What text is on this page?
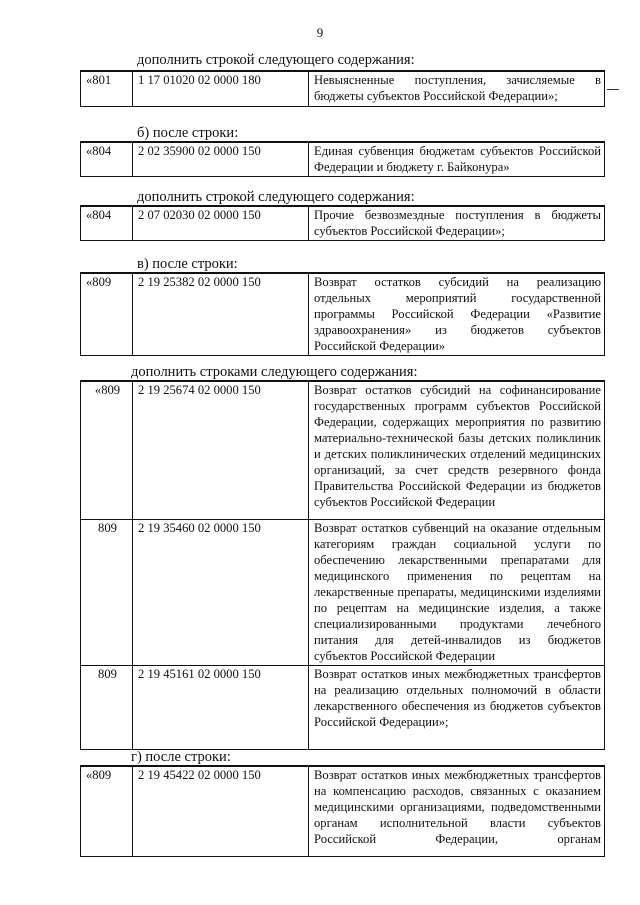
9
дополнить строкой следующего содержания:
«801	1 17 01020 02 0000 180	Невыясненные поступления, зачисляемые в бюджеты субъектов Российской Федерации»;
б) после строки:
«804	2 02 35900 02 0000 150	Единая субвенция бюджетам субъектов Российской Федерации и бюджету г. Байконура»
дополнить строкой следующего содержания:
«804	2 07 02030 02 0000 150	Прочие безвозмездные поступления в бюджеты субъектов Российской Федерации»;
в) после строки:
«809	2 19 25382 02 0000 150	Возврат остатков субсидий на реализацию отдельных мероприятий государственной программы Российской Федерации «Развитие здравоохранения» из бюджетов субъектов Российской Федерации»
дополнить строками следующего содержания:
«809	2 19 25674 02 0000 150	Возврат остатков субсидий на софинансирование государственных программ субъектов Российской Федерации, содержащих мероприятия по развитию материально-технической базы детских поликлиник и детских поликлинических отделений медицинских организаций, за счет средств резервного фонда Правительства Российской Федерации из бюджетов субъектов Российской Федерации
809	2 19 35460 02 0000 150	Возврат остатков субвенций на оказание отдельным категориям граждан социальной услуги по обеспечению лекарственными препаратами для медицинского применения по рецептам на лекарственные препараты, медицинскими изделиями по рецептам на медицинские изделия, а также специализированными продуктами лечебного питания для детей-инвалидов из бюджетов субъектов Российской Федерации
809	2 19 45161 02 0000 150	Возврат остатков иных межбюджетных трансфертов на реализацию отдельных полномочий в области лекарственного обеспечения из бюджетов субъектов Российской Федерации»;
г) после строки:
«809	2 19 45422 02 0000 150	Возврат остатков иных межбюджетных трансфертов на компенсацию расходов, связанных с оказанием медицинскими организациями, подведомственными органам исполнительной власти субъектов Российской Федерации, органам
